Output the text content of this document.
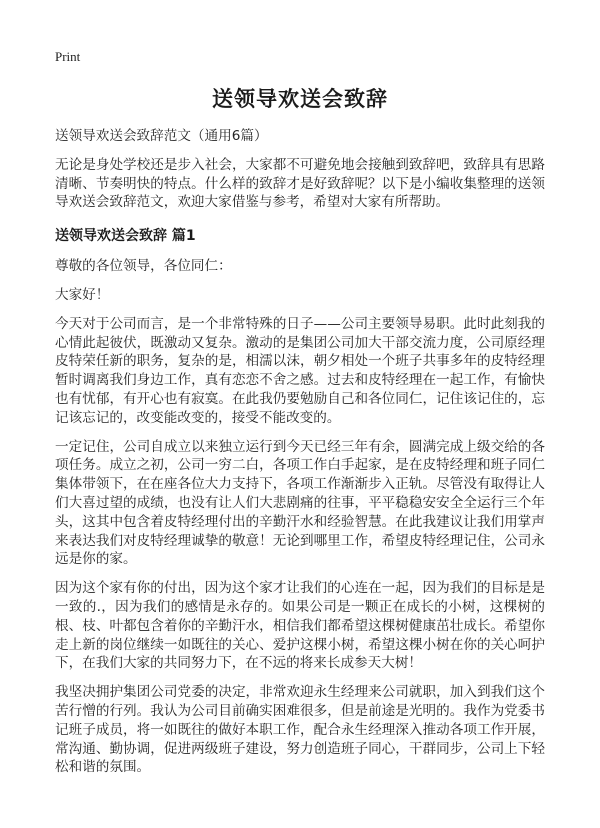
Print
送领导欢送会致辞

送领导欢送会致辞范文（通用6篇）

无论是身处学校还是步入社会，大家都不可避免地会接触到致辞吧，致辞具有思路清晰、节奏明快的特点。什么样的致辞才是好致辞呢？以下是小编收集整理的送领导欢送会致辞范文，欢迎大家借鉴与参考，希望对大家有所帮助。

送领导欢送会致辞 篇1

尊敬的各位领导，各位同仁：

大家好！

今天对于公司而言，是一个非常特殊的日子——公司主要领导易职。此时此刻我的心情此起彼伏，既激动又复杂。激动的是集团公司加大干部交流力度，公司原经理皮特荣任新的职务，复杂的是，相濡以沫，朝夕相处一个班子共事多年的皮特经理暂时调离我们身边工作，真有恋恋不舍之感。过去和皮特经理在一起工作，有愉快也有忧郁，有开心也有寂寞。在此我仍要勉励自己和各位同仁，记住该记住的，忘记该忘记的，改变能改变的，接受不能改变的。

一定记住，公司自成立以来独立运行到今天已经三年有余，圆满完成上级交给的各项任务。成立之初，公司一穷二白，各项工作白手起家，是在皮特经理和班子同仁集体带领下，在在座各位大力支持下，各项工作渐渐步入正轨。尽管没有取得让人们大喜过望的成绩，也没有让人们大悲剧痛的往事，平平稳稳安安全全运行三个年头，这其中包含着皮特经理付出的辛勤汗水和经验智慧。在此我建议让我们用掌声来表达我们对皮特经理诚挚的敬意！无论到哪里工作，希望皮特经理记住，公司永远是你的家。

因为这个家有你的付出，因为这个家才让我们的心连在一起，因为我们的目标是是一致的.，因为我们的感情是永存的。如果公司是一颗正在成长的小树，这棵树的根、枝、叶都包含着你的辛勤汗水，相信我们都希望这棵树健康茁壮成长。希望你走上新的岗位继续一如既往的关心、爱护这棵小树，希望这棵小树在你的关心呵护下，在我们大家的共同努力下，在不远的将来长成参天大树！

我坚决拥护集团公司党委的决定，非常欢迎永生经理来公司就职，加入到我们这个苦行憎的行列。我认为公司目前确实困难很多，但是前途是光明的。我作为党委书记班子成员，将一如既往的做好本职工作，配合永生经理深入推动各项工作开展，常沟通、勤协调，促进两级班子建设，努力创造班子同心，干群同步，公司上下轻松和谐的氛围。
